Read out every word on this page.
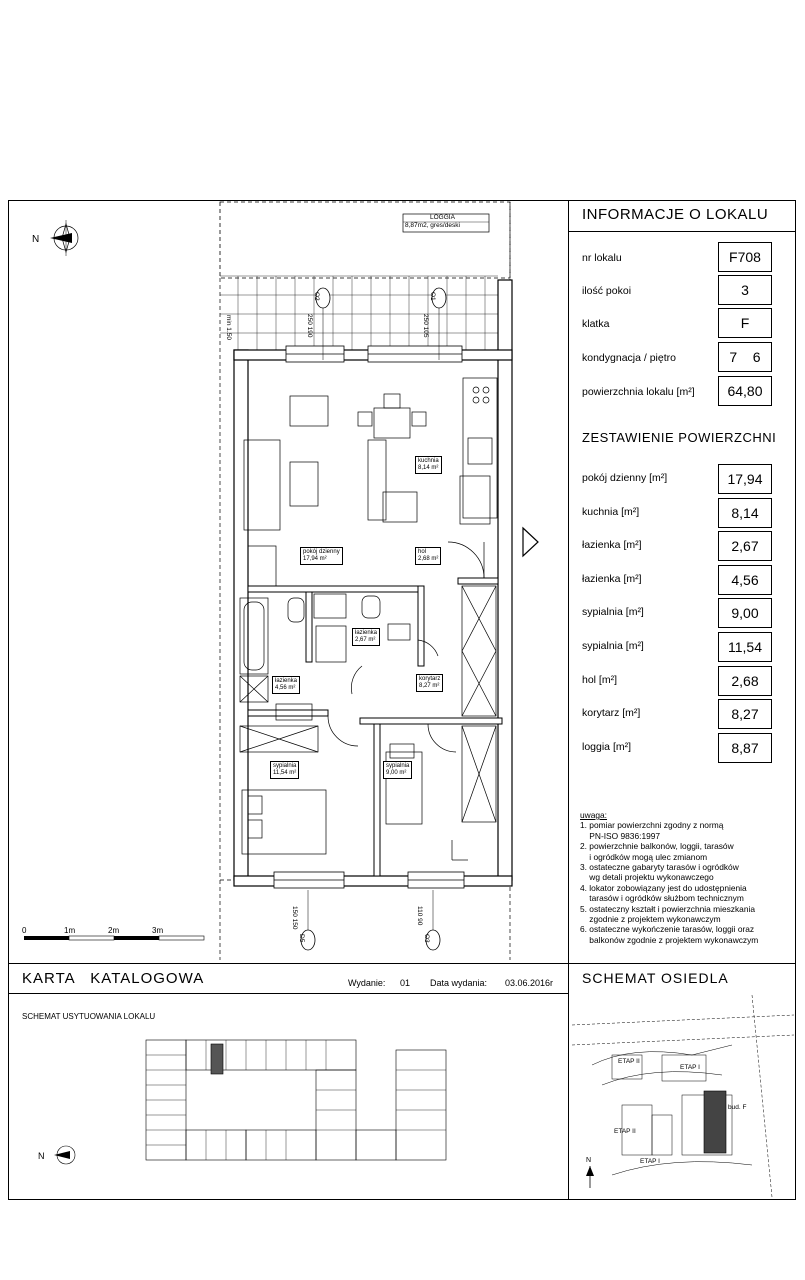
INFORMACJE O LOKALU
nr lokalu	F708
ilość pokoi	3
klatka	F
kondygnacja / piętro	7    6
powierzchnia lokalu [m²]	64,80
ZESTAWIENIE POWIERZCHNI
pokój dzienny [m²]	17,94
kuchnia [m²]	8,14
łazienka [m²]	2,67
łazienka [m²]	4,56
sypialnia [m²]	9,00
sypialnia [m²]	11,54
hol [m²]	2,68
korytarz [m²]	8,27
loggia [m²]	8,87
uwaga:
1. pomiar powierzchni zgodny z normą
PN-ISO 9836:1997
2. powierzchnie balkonów, loggii, tarasów
i ogródków mogą ulec zmianom
3. ostateczne gabaryty tarasów i ogródków
wg detali projektu wykonawczego
4. lokator zobowiązany jest do udostępnienia
tarasów i ogródków służbom technicznym
5. ostateczny kształt i powierzchnia mieszkania
zgodnie z projektem wykonawczym
6. ostateczne wykończenie tarasów, loggii oraz
balkonów zgodnie z projektem wykonawczym
N
LOGGIA
8,87m2, gres/deski
min 1.50
O2	O1
250 190	250 105
D5	O3
150 150	110 90
kuchnia
8,14 m²
pokój dzienny
17,94 m²
hol
2,68 m²
łazienka
2,67 m²
łazienka
4,56 m²
korytarz
8,27 m²
sypialnia
11,54 m²
sypialnia
9,00 m²
0	1m	2m	3m
KARTA   KATALOGOWA	Wydanie: 01 Data wydania: 03.06.2016r
SCHEMAT USYTUOWANIA LOKALU
SCHEMAT OSIEDLA
N	N
ETAP II
ETAP I
ETAP II
ETAP I
bud. F
